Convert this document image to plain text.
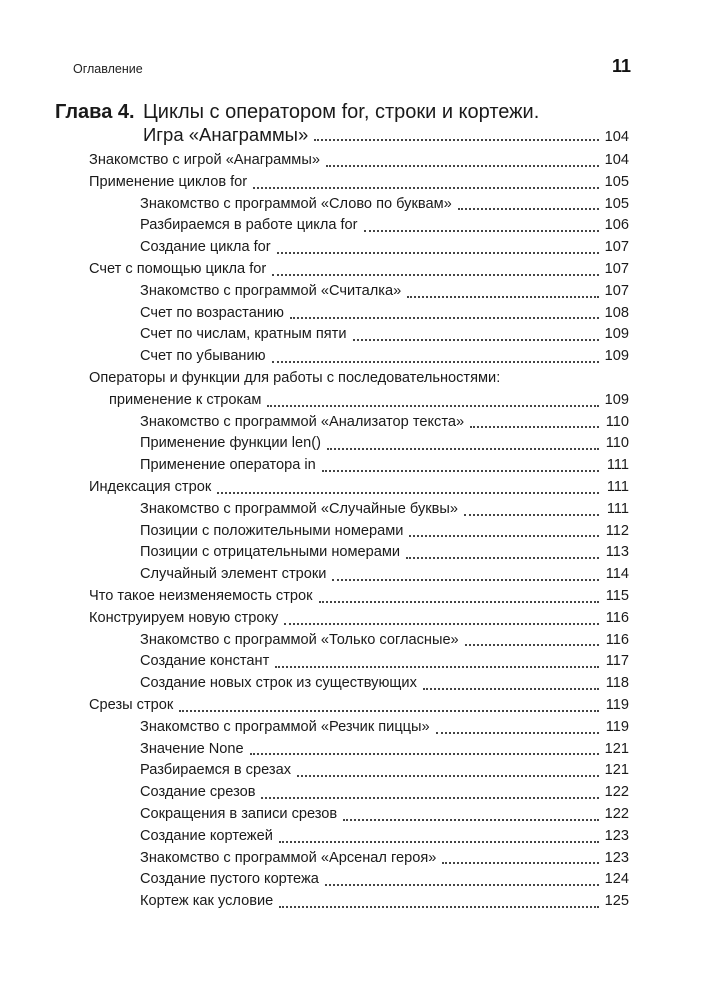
Оглавление	11
Глава 4. Циклы с оператором for, строки и кортежи.
Игра «Анаграммы»	104
Знакомство с игрой «Анаграммы»	104
Применение циклов for	105
Знакомство с программой «Слово по буквам»	105
Разбираемся в работе цикла for	106
Создание цикла for	107
Счет с помощью цикла for	107
Знакомство с программой «Считалка»	107
Счет по возрастанию	108
Счет по числам, кратным пяти	109
Счет по убыванию	109
Операторы и функции для работы с последовательностями:
применение к строкам	109
Знакомство с программой «Анализатор текста»	110
Применение функции len()	110
Применение оператора in	111
Индексация строк	111
Знакомство с программой «Случайные буквы»	111
Позиции с положительными номерами	112
Позиции с отрицательными номерами	113
Случайный элемент строки	114
Что такое неизменяемость строк	115
Конструируем новую строку	116
Знакомство с программой «Только согласные»	116
Создание констант	117
Создание новых строк из существующих	118
Срезы строк	119
Знакомство с программой «Резчик пиццы»	119
Значение None	121
Разбираемся в срезах	121
Создание срезов	122
Сокращения в записи срезов	122
Создание кортежей	123
Знакомство с программой «Арсенал героя»	123
Создание пустого кортежа	124
Кортеж как условие	125
